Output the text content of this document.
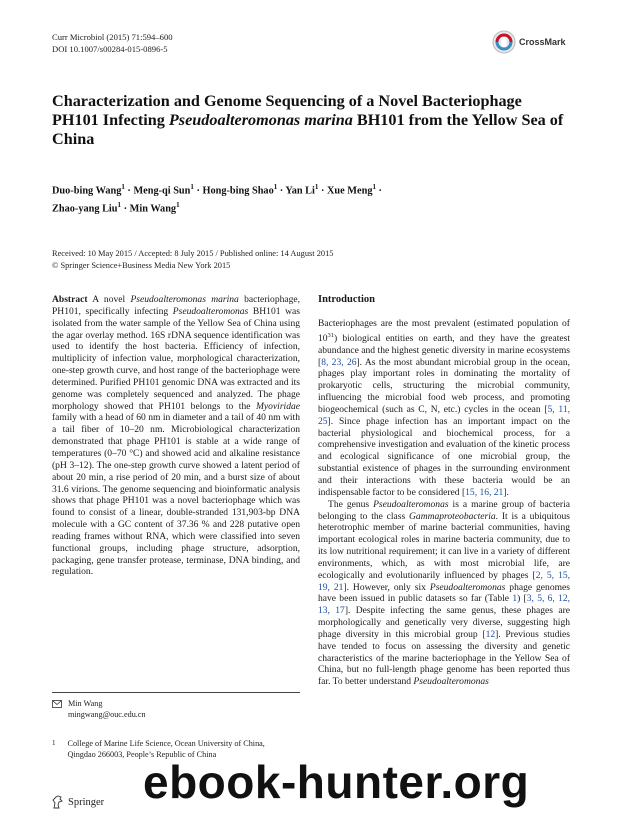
Curr Microbiol (2015) 71:594–600
DOI 10.1007/s00284-015-0896-5
CrossMark
Characterization and Genome Sequencing of a Novel Bacteriophage PH101 Infecting Pseudoalteromonas marina BH101 from the Yellow Sea of China
Duo-bing Wang$^1$ · Meng-qi Sun$^1$ · Hong-bing Shao$^1$ · Yan $Li^1$ · Xue Meng$^1$ ·
Zhao-yang Liu$^1$ · Min Wang$^1$
Received: 10 May 2015 / Accepted: 8 July 2015 / Published online: 14 August 2015
© Springer Science+Business Media New York 2015

Abstract A novel Pseudoalteromonas marina bacteriophage, PH101, specifically infecting Pseudoalteromonas BH101 was isolated from the water sample of the Yellow Sea of China using the agar overlay method. 16S rDNA sequence identification was used to identify the host bacteria. Efficiency of infection, multiplicity of infection value, morphological characterization, one-step growth curve, and host range of the bacteriophage were determined. Purified PH101 genomic DNA was extracted and its genome was completely sequenced and analyzed. The phage morphology showed that PH101 belongs to the Myoviridae family with a head of 60 nm in diameter and a tail of 40 nm with a tail fiber of 10–20 nm. Microbiological characterization demonstrated that phage PH101 is stable at a wide range of temperatures (0–70 °C) and showed acid and alkaline resistance (pH 3–12). The one-step growth curve showed a latent period of about 20 min, a rise period of 20 min, and a burst size of about 31.6 virions. The genome sequencing and bioinformatic analysis shows that phage PH101 was a novel bacteriophage which was found to consist of a linear, double-stranded 131,903-bp DNA molecule with a GC content of 37.36 % and 228 putative open reading frames without RNA, which were classified into seven functional groups, including phage structure, adsorption, packaging, gene transfer protease, terminase, DNA binding, and regulation.

Min Wang
mingwang@ouc.edu.cn
1 College of Marine Life Science, Ocean University of China,
Qingdao 266003, People’s Republic of China

Introduction

Bacteriophages are the most prevalent (estimated population of $10^{31}$) biological entities on earth, and they have the greatest abundance and the highest genetic diversity in marine ecosystems [8, 23, 26]. As the most abundant microbial group in the ocean, phages play important roles in dominating the mortality of prokaryotic cells, structuring the microbial community, influencing the microbial food web process, and promoting biogeochemical (such as C, N, etc.) cycles in the ocean [5, 11, 25]. Since phage infection has an important impact on the bacterial physiological and biochemical process, for a comprehensive investigation and evaluation of the kinetic process and ecological significance of one microbial group, the substantial existence of phages in the surrounding environment and their interactions with these bacteria would be an indispensable factor to be considered [15, 16, 21].

The genus Pseudoalteromonas is a marine group of bacteria belonging to the class Gammaproteobacteria. It is a ubiquitous heterotrophic member of marine bacterial communities, having important ecological roles in marine bacteria community, due to its low nutritional requirement; it can live in a variety of different environments, which, as with most microbial life, are ecologically and evolutionarily influenced by phages [2, 5, 15, 19, 21]. However, only six Pseudoalteromonas phage genomes have been issued in public datasets so far (Table 1) [3, 5, 6, 12, 13, 17]. Despite infecting the same genus, these phages are morphologically and genetically very diverse, suggesting high phage diversity in this microbial group [12]. Previous studies have tended to focus on assessing the diversity and genetic characteristics of the marine bacteriophage in the Yellow Sea of China, but no full-length phage genome has been reported thus far. To better understand Pseudoalteromonas

ebook-hunter.org
Springer
